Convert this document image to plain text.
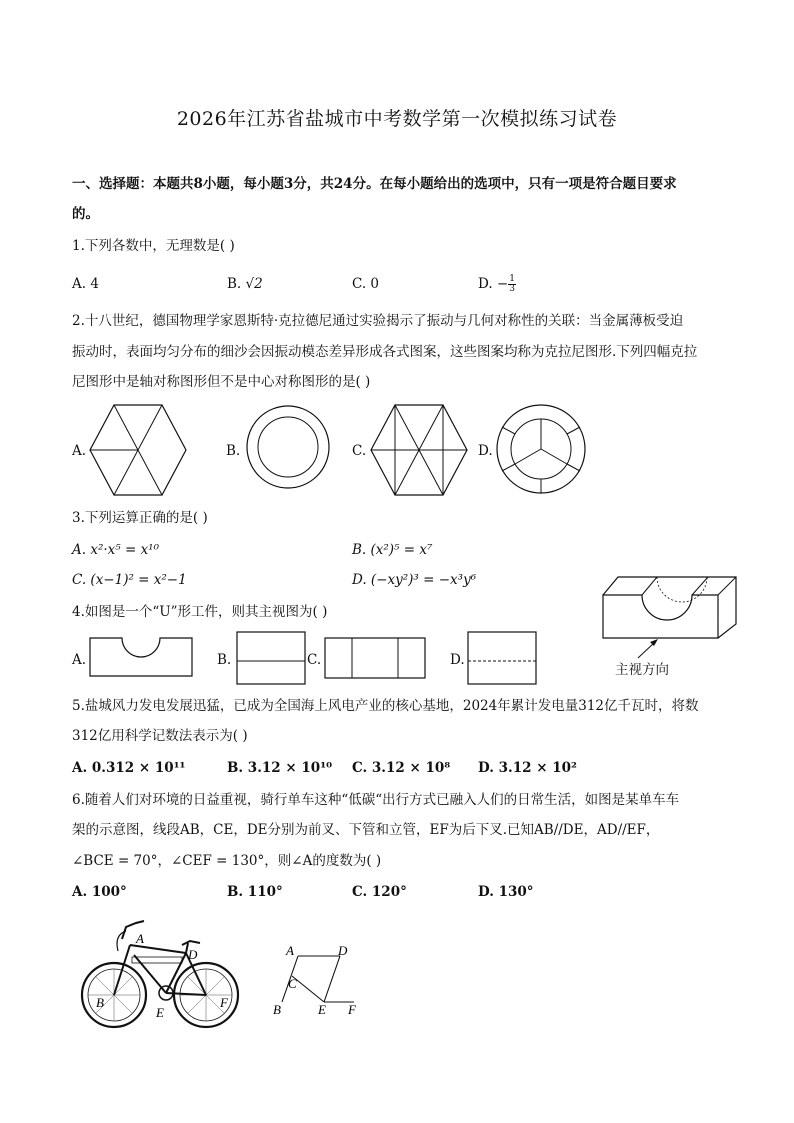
2026年江苏省盐城市中考数学第一次模拟练习试卷
一、选择题：本题共8小题，每小题3分，共24分。在每小题给出的选项中，只有一项是符合题目要求
的。
1.下列各数中，无理数是( )
A. 4	B. √2	C. 0	D. − $\frac{1}{3}$
2.十八世纪，德国物理学家恩斯特·克拉德尼通过实验揭示了振动与几何对称性的关联：当金属薄板受迫
振动时，表面均匀分布的细沙会因振动模态差异形成各式图案，这些图案均称为克拉尼图形.下列四幅克拉
尼图形中是轴对称图形但不是中心对称图形的是( )
A.	B.	C.	D.
3.下列运算正确的是( )
A. x²·x⁵ = x¹⁰	B. (x²)⁵ = x⁷
C. (x−1)² = x²−1	D. (−xy²)³ = −x³y⁶
4.如图是一个“U”形工件，则其主视图为( )
A.	B.	C.	D.
主视方向
5.盐城风力发电发展迅猛，已成为全国海上风电产业的核心基地，2024年累计发电量312亿千瓦时，将数
312亿用科学记数法表示为( )
A. 0.312 × 10¹¹	B. 3.12 × 10¹⁰ C. 3.12 × 10⁸ D. 3.12 × 10²
6.随着人们对环境的日益重视，骑行单车这种“低碳“出行方式已融入人们的日常生活，如图是某单车车
架的示意图，线段AB，CE，DE分别为前叉、下管和立管，EF为后下叉.已知AB//DE，AD//EF，
∠BCE = 70°，∠CEF = 130°，则∠A的度数为( )
A. 100°	B. 110°	C. 120°	D. 130°
A
D
B
E
F
A	D
C
B	E F
